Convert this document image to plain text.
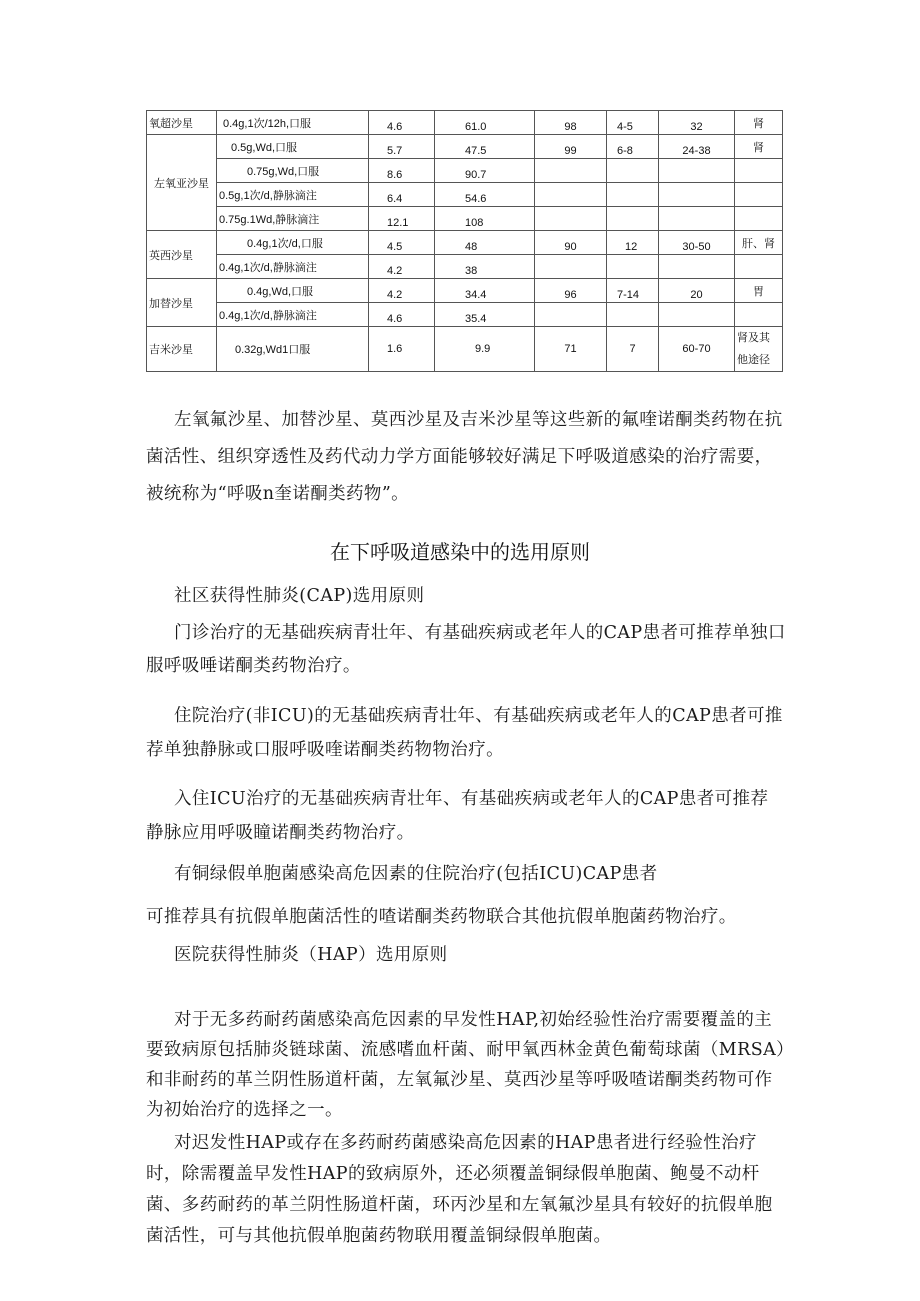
氧超沙星	0.4g,1次/12h,口服	4.6	61.0	98	4-5	32	肾
左氧亚沙星	0.5g,Wd,口服	5.7	47.5	99	6-8	24-38	肾
	0.75g,Wd,口服	8.6	90.7				
	0.5g,1次/d,静脉滴注	6.4	54.6				
	0.75g.1Wd,静脉滴注	12.1	108				
英西沙星	0.4g,1次/d,口服	4.5	48	90	12	30-50	肝、肾
	0.4g,1次/d,静脉滴注	4.2	38				
加替沙星	0.4g,Wd,口服	4.2	34.4	96	7-14	20	胃
	0.4g,1次/d,静脉滴注	4.6	35.4				
吉米沙星	0.32g,Wd1口服	1.6	9.9	71	7	60-70	肾及其
他途径

左氧氟沙星、加替沙星、莫西沙星及吉米沙星等这些新的氟喹诺酮类药物在抗菌活性、组织穿透性及药代动力学方面能够较好满足下呼吸道感染的治疗需要，被统称为“呼吸n奎诺酮类药物”。

在下呼吸道感染中的选用原则

社区获得性肺炎(CAP)选用原则

门诊治疗的无基础疾病青壮年、有基础疾病或老年人的CAP患者可推荐单独口服呼吸唾诺酮类药物治疗。

住院治疗(非ICU)的无基础疾病青壮年、有基础疾病或老年人的CAP患者可推荐单独静脉或口服呼吸喹诺酮类药物物治疗。

入住ICU治疗的无基础疾病青壮年、有基础疾病或老年人的CAP患者可推荐静脉应用呼吸瞳诺酮类药物治疗。

有铜绿假单胞菌感染高危因素的住院治疗(包括ICU)CAP患者

可推荐具有抗假单胞菌活性的喳诺酮类药物联合其他抗假单胞菌药物治疗。

医院获得性肺炎（HAP）选用原则

对于无多药耐药菌感染高危因素的早发性HAP,初始经验性治疗需要覆盖的主要致病原包括肺炎链球菌、流感嗜血杆菌、耐甲氧西林金黄色葡萄球菌（MRSA）和非耐药的革兰阴性肠道杆菌，左氧氟沙星、莫西沙星等呼吸喳诺酮类药物可作为初始治疗的选择之一。

对迟发性HAP或存在多药耐药菌感染高危因素的HAP患者进行经验性治疗时，除需覆盖早发性HAP的致病原外，还必须覆盖铜绿假单胞菌、鲍曼不动杆菌、多药耐药的革兰阴性肠道杆菌，环丙沙星和左氧氟沙星具有较好的抗假单胞菌活性，可与其他抗假单胞菌药物联用覆盖铜绿假单胞菌。
